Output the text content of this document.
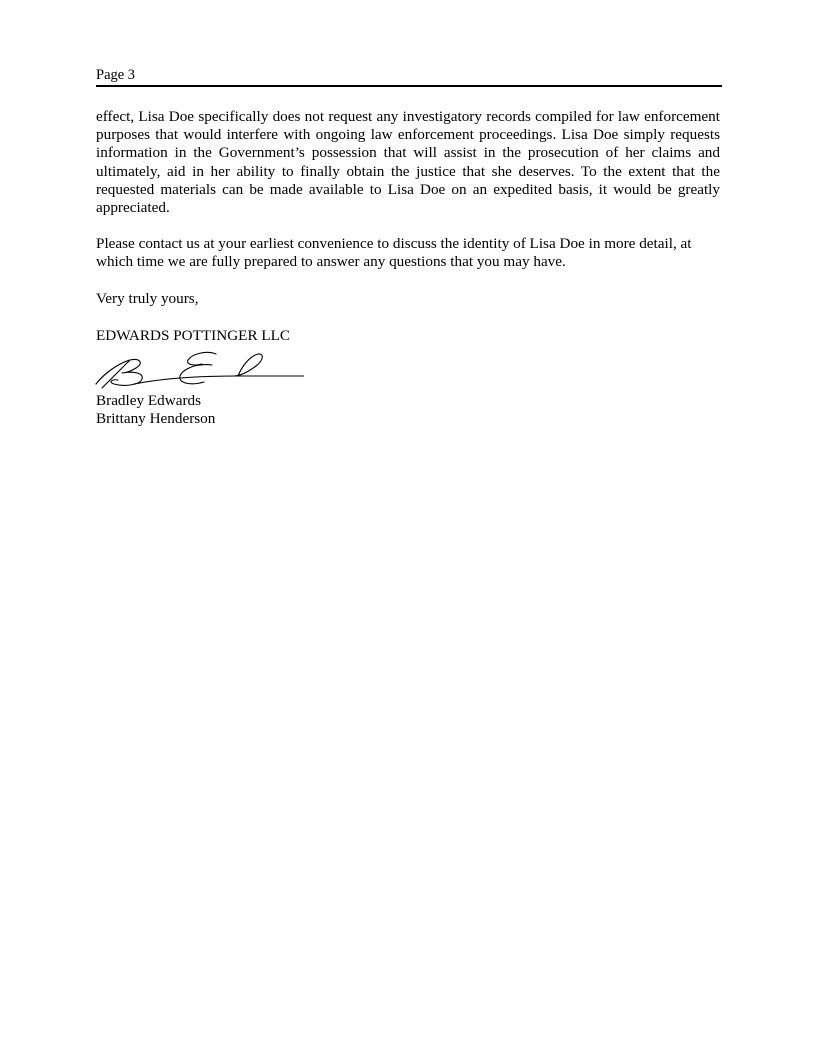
Page 3

effect, Lisa Doe specifically does not request any investigatory records compiled for law enforcement purposes that would interfere with ongoing law enforcement proceedings. Lisa Doe simply requests information in the Government’s possession that will assist in the prosecution of her claims and ultimately, aid in her ability to finally obtain the justice that she deserves. To the extent that the requested materials can be made available to Lisa Doe on an expedited basis, it would be greatly appreciated.

Please contact us at your earliest convenience to discuss the identity of Lisa Doe in more detail, at which time we are fully prepared to answer any questions that you may have.

Very truly yours,

EDWARDS POTTINGER LLC

Bradley Edwards

Brittany Henderson
